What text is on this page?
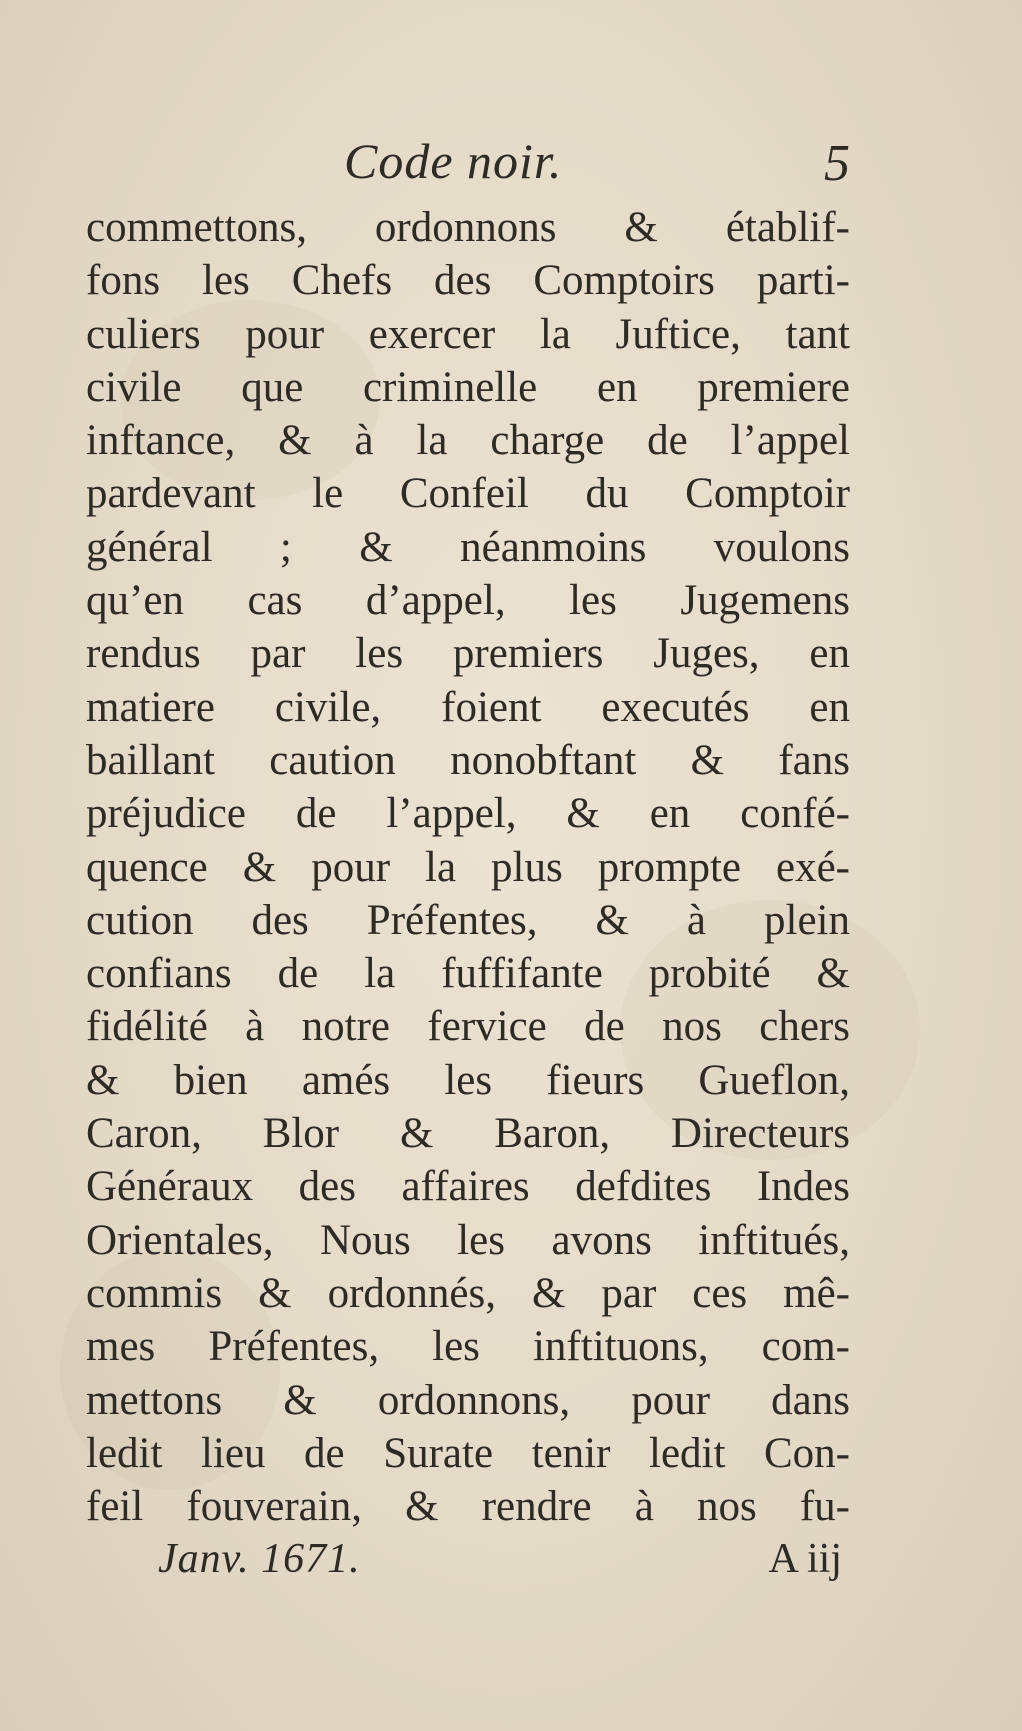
Code noir.	5
commettons, ordonnons & établif-
fons les Chefs des Comptoirs parti-
culiers pour exercer la Juftice, tant
civile que criminelle en premiere
inftance, & à la charge de l’appel
pardevant le Confeil du Comptoir
général ; & néanmoins voulons
qu’en cas d’appel, les Jugemens
rendus par les premiers Juges, en
matiere civile, foient executés en
baillant caution nonobftant & fans
préjudice de l’appel, & en confé-
quence & pour la plus prompte exé-
cution des Préfentes, & à plein
confians de la fuffifante probité &
fidélité à notre fervice de nos chers
& bien amés les fieurs Gueflon,
Caron, Blor & Baron, Directeurs
Généraux des affaires defdites Indes
Orientales, Nous les avons inftitués,
commis & ordonnés, & par ces mê-
mes Préfentes, les inftituons, com-
mettons & ordonnons, pour dans
ledit lieu de Surate tenir ledit Con-
feil fouverain, & rendre à nos fu-
Janv. 1671.	A iij
